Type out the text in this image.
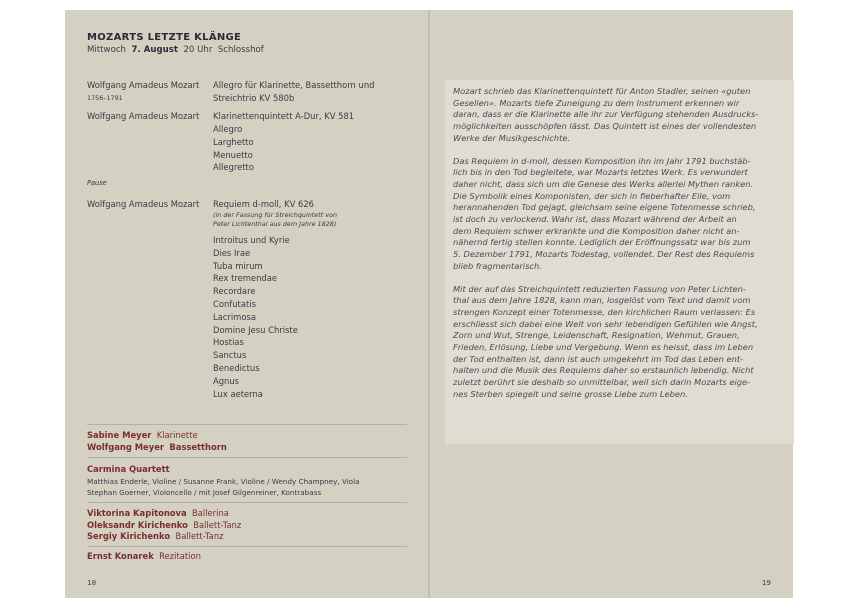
MOZARTS LETZTE KLÄNGE
Mittwoch 7. August 20 Uhr Schlosshof
Wolfgang Amadeus Mozart
1756–1791
Allegro für Klarinette, Bassetthorn und
Streichtrio KV 580b
Wolfgang Amadeus Mozart Klarinettenquintett A-Dur, KV 581
Allegro
Larghetto
Menuetto
Allegretto
Pause
Wolfgang Amadeus Mozart Requiem d-moll, KV 626
(in der Fassung für Streichquintett von
Peter Lichtenthal aus dem Jahre 1828)
Introitus und Kyrie
Dies Irae
Tuba mirum
Rex tremendae
Recordare
Confutatis
Lacrimosa
Domine Jesu Christe
Hostias
Sanctus
Benedictus
Agnus
Lux aeterna
Sabine Meyer Klarinette
Wolfgang Meyer Bassetthorn
Carmina Quartett
Matthias Enderle, Violine / Susanne Frank, Violine / Wendy Champney, Viola
Stephan Goerner, Violoncello / mit Josef Gilgenreiner, Kontrabass
Viktorina Kapitonova Ballerina
Oleksandr Kirichenko Ballett-Tanz
Sergiy Kirichenko Ballett-Tanz
Ernst Konarek Rezitation
18

Mozart schrieb das Klarinettenquintett für Anton Stadler, seinen «guten
Gesellen». Mozarts tiefe Zuneigung zu dem Instrument erkennen wir
daran, dass er die Klarinette alle ihr zur Verfügung stehenden Ausdrucks-
möglichkeiten ausschöpfen lässt. Das Quintett ist eines der vollendesten
Werke der Musikgeschichte.

Das Requiem in d-moll, dessen Komposition ihn im Jahr 1791 buchstäb-
lich bis in den Tod begleitete, war Mozarts letztes Werk. Es verwundert
daher nicht, dass sich um die Genese des Werks allerlei Mythen ranken.
Die Symbolik eines Komponisten, der sich in fieberhafter Eile, vom
herannahenden Tod gejagt, gleichsam seine eigene Totenmesse schrieb,
ist doch zu verlockend. Wahr ist, dass Mozart während der Arbeit an
dem Requiem schwer erkrankte und die Komposition daher nicht an-
nähernd fertig stellen konnte. Lediglich der Eröffnungssatz war bis zum
5. Dezember 1791, Mozarts Todestag, vollendet. Der Rest des Requiems
blieb fragmentarisch.

Mit der auf das Streichquintett reduzierten Fassung von Peter Lichten-
thal aus dem Jahre 1828, kann man, losgelöst vom Text und damit vom
strengen Konzept einer Totenmesse, den kirchlichen Raum verlassen: Es
erschliesst sich dabei eine Welt von sehr lebendigen Gefühlen wie Angst,
Zorn und Wut, Strenge, Leidenschaft, Resignation, Wehmut, Grauen,
Frieden, Erlösung, Liebe und Vergebung. Wenn es heisst, dass im Leben
der Tod enthalten ist, dann ist auch umgekehrt im Tod das Leben ent-
halten und die Musik des Requiems daher so erstaunlich lebendig. Nicht
zuletzt berührt sie deshalb so unmittelbar, weil sich darin Mozarts eige-
nes Sterben spiegelt und seine grosse Liebe zum Leben.

19
